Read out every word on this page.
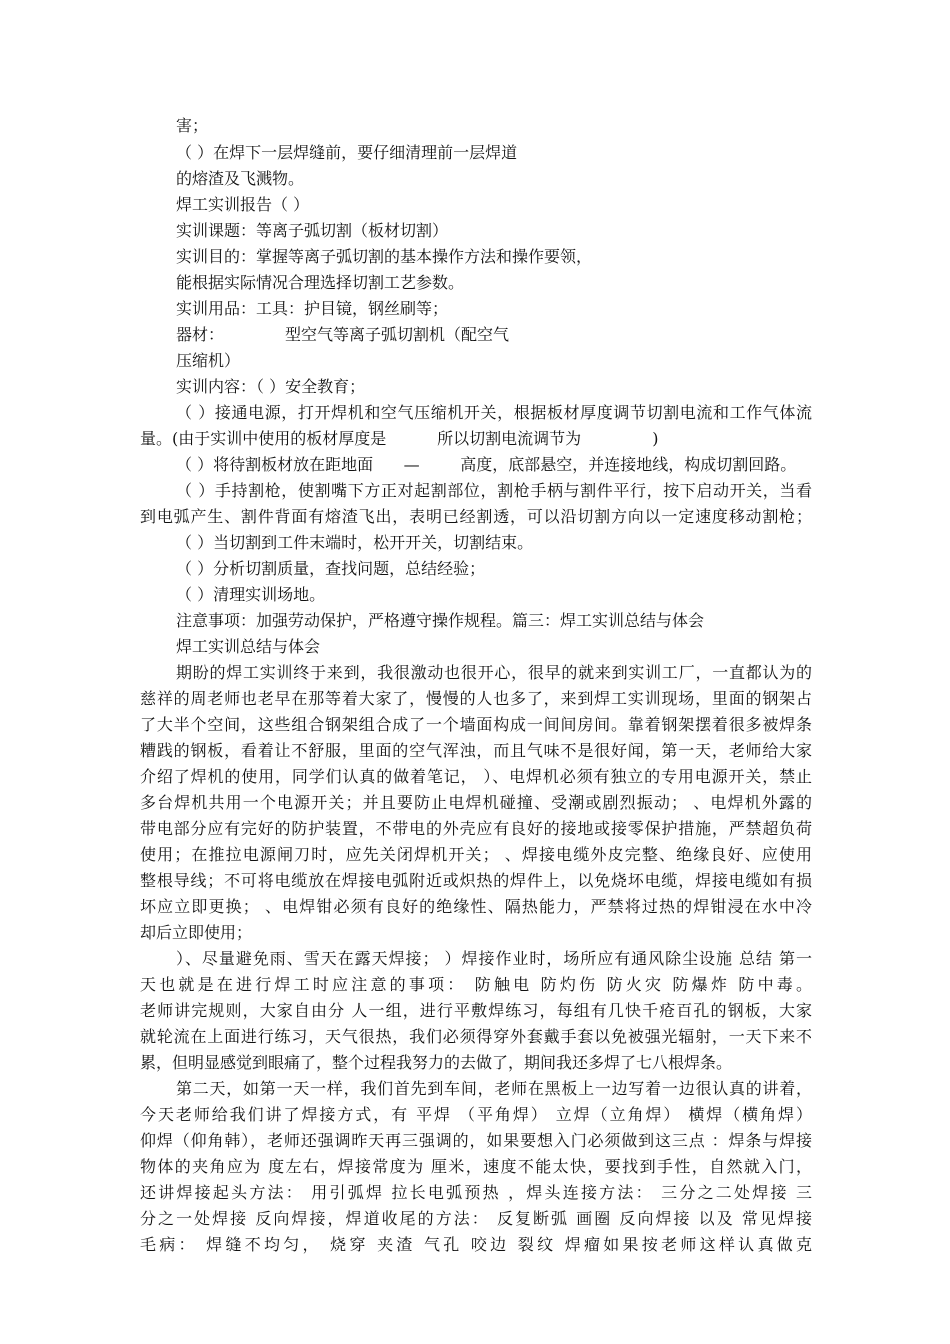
害；

（ ）在焊下一层焊缝前，要仔细清理前一层焊道

的熔渣及飞溅物。

焊工实训报告（ ）

实训课题：等离子弧切割（板材切割）

实训目的：掌握等离子弧切割的基本操作方法和操作要领，

能根据实际情况合理选择切割工艺参数。

实训用品：工具：护目镜，钢丝刷等；

器材：            型空气等离子弧切割机（配空气

压缩机）

实训内容：（ ）安全教育；

（ ）接通电源，打开焊机和空气压缩机开关，根据板材厚度调节切割电流和工作气体流

量。(由于实训中使用的板材厚度是          所以切割电流调节为              )

（ ）将待割板材放在距地面      —        高度，底部悬空，并连接地线，构成切割回路。

（ ）手持割枪，使割嘴下方正对起割部位，割枪手柄与割件平行，按下启动开关，当看

到电弧产生、割件背面有熔渣飞出，表明已经割透，可以沿切割方向以一定速度移动割枪；

（ ）当切割到工件末端时，松开开关，切割结束。

（ ）分析切割质量，查找问题，总结经验；

（ ）清理实训场地。

注意事项：加强劳动保护，严格遵守操作规程。篇三：焊工实训总结与体会

焊工实训总结与体会

期盼的焊工实训终于来到，我很激动也很开心，很早的就来到实训工厂，一直都认为的

慈祥的周老师也老早在那等着大家了，慢慢的人也多了，来到焊工实训现场，里面的钢架占

了大半个空间，这些组合钢架组合成了一个墙面构成一间间房间。靠着钢架摆着很多被焊条

糟践的钢板，看着让不舒服，里面的空气浑浊，而且气味不是很好闻，第一天，老师给大家

介绍了焊机的使用，同学们认真的做着笔记， ）、电焊机必须有独立的专用电源开关，禁止

多台焊机共用一个电源开关；并且要防止电焊机碰撞、受潮或剧烈振动； 、电焊机外露的

带电部分应有完好的防护装置，不带电的外壳应有良好的接地或接零保护措施，严禁超负荷

使用；在推拉电源闸刀时，应先关闭焊机开关； 、焊接电缆外皮完整、绝缘良好、应使用

整根导线；不可将电缆放在焊接电弧附近或炽热的焊件上，以免烧坏电缆，焊接电缆如有损

坏应立即更换； 、电焊钳必须有良好的绝缘性、隔热能力，严禁将过热的焊钳浸在水中冷

却后立即使用；

）、尽量避免雨、雪天在露天焊接； ）焊接作业时，场所应有通风除尘设施 总结 第一

天也就是在进行焊工时应注意的事项： 防触电 防灼伤 防火灾 防爆炸 防中毒。

老师讲完规则，大家自由分 人一组，进行平敷焊练习，每组有几快千疮百孔的钢板，大家

就轮流在上面进行练习，天气很热，我们必须得穿外套戴手套以免被强光辐射，一天下来不

累，但明显感觉到眼痛了，整个过程我努力的去做了，期间我还多焊了七八根焊条。

第二天，如第一天一样，我们首先到车间，老师在黑板上一边写着一边很认真的讲着，

今天老师给我们讲了焊接方式，有 平焊 （平角焊） 立焊（立角焊） 横焊（横角焊）

仰焊（仰角韩），老师还强调昨天再三强调的，如果要想入门必须做到这三点 ：焊条与焊接

物体的夹角应为 度左右，焊接常度为 厘米，速度不能太快，要找到手性，自然就入门，

还讲焊接起头方法： 用引弧焊 拉长电弧预热 ，焊头连接方法： 三分之二处焊接 三

分之一处焊接 反向焊接，焊道收尾的方法： 反复断弧 画圈 反向焊接 以及 常见焊接

毛病： 焊缝不均匀， 烧穿 夹渣 气孔 咬边 裂纹 焊瘤如果按老师这样认真做克
